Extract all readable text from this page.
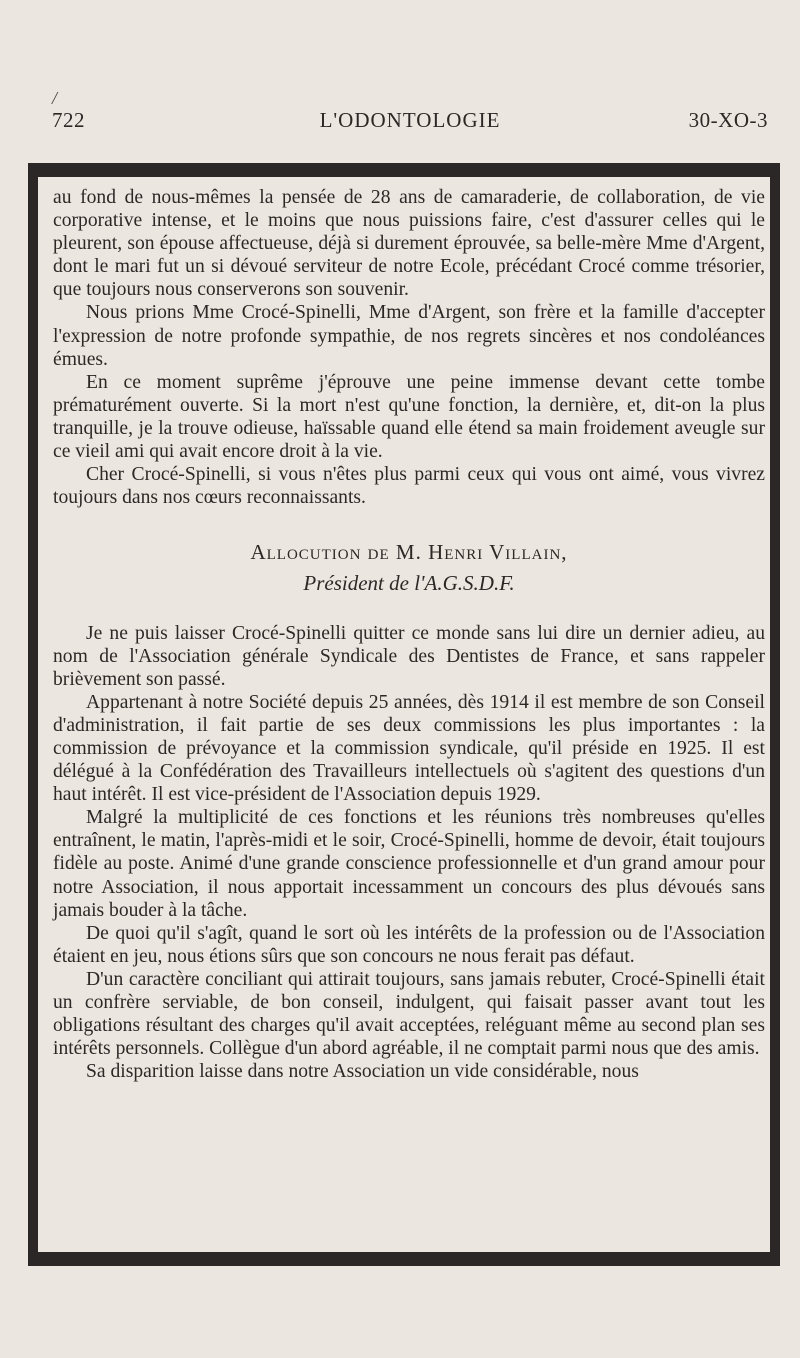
/
722	L'ODONTOLOGIE	30-XO-3

au fond de nous-mêmes la pensée de 28 ans de camaraderie, de collaboration, de vie corporative intense, et le moins que nous puissions faire, c'est d'assurer celles qui le pleurent, son épouse affectueuse, déjà si durement éprouvée, sa belle-mère Mme d'Argent, dont le mari fut un si dévoué serviteur de notre Ecole, précédant Crocé comme trésorier, que toujours nous conserverons son souvenir.

Nous prions Mme Crocé-Spinelli, Mme d'Argent, son frère et la famille d'accepter l'expression de notre profonde sympathie, de nos regrets sincères et nos condoléances émues.

En ce moment suprême j'éprouve une peine immense devant cette tombe prématurément ouverte. Si la mort n'est qu'une fonction, la dernière, et, dit-on la plus tranquille, je la trouve odieuse, haïssable quand elle étend sa main froidement aveugle sur ce vieil ami qui avait encore droit à la vie.

Cher Crocé-Spinelli, si vous n'êtes plus parmi ceux qui vous ont aimé, vous vivrez toujours dans nos cœurs reconnaissants.

Allocution de M. Henri Villain,

Président de l'A.G.S.D.F.

Je ne puis laisser Crocé-Spinelli quitter ce monde sans lui dire un dernier adieu, au nom de l'Association générale Syndicale des Dentistes de France, et sans rappeler brièvement son passé.

Appartenant à notre Société depuis 25 années, dès 1914 il est membre de son Conseil d'administration, il fait partie de ses deux commissions les plus importantes : la commission de prévoyance et la commission syndicale, qu'il préside en 1925. Il est délégué à la Confédération des Travailleurs intellectuels où s'agitent des questions d'un haut intérêt. Il est vice-président de l'Association depuis 1929.

Malgré la multiplicité de ces fonctions et les réunions très nombreuses qu'elles entraînent, le matin, l'après-midi et le soir, Crocé-Spinelli, homme de devoir, était toujours fidèle au poste. Animé d'une grande conscience professionnelle et d'un grand amour pour notre Association, il nous apportait incessamment un concours des plus dévoués sans jamais bouder à la tâche.

De quoi qu'il s'agît, quand le sort où les intérêts de la profession ou de l'Association étaient en jeu, nous étions sûrs que son concours ne nous ferait pas défaut.

D'un caractère conciliant qui attirait toujours, sans jamais rebuter, Crocé-Spinelli était un confrère serviable, de bon conseil, indulgent, qui faisait passer avant tout les obligations résultant des charges qu'il avait acceptées, reléguant même au second plan ses intérêts personnels. Collègue d'un abord agréable, il ne comptait parmi nous que des amis.

Sa disparition laisse dans notre Association un vide considérable, nous
